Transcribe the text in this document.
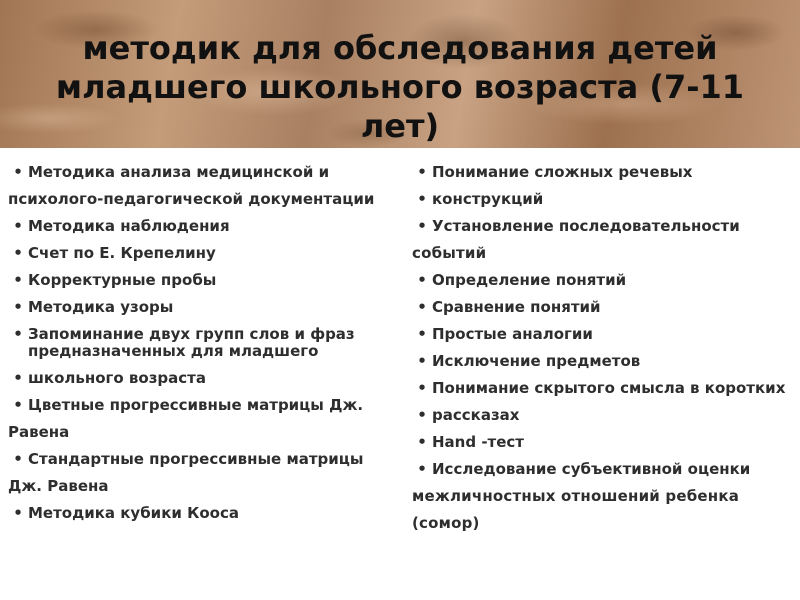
методик для обследования детей
младшего школьного возраста (7-11
лет)
• Методика анализа медицинской и
психолого-педагогической документации
• Методика наблюдения
• Счет по Е. Крепелину
• Корректурные пробы
• Методика узоры
• Запоминание двух групп слов и фраз предназначенных для младшего
• школьного возраста
• Цветные прогрессивные матрицы Дж.
Равена
• Стандартные прогрессивные матрицы
Дж. Равена
• Методика кубики Кооса
• Понимание сложных речевых
• конструкций
• Установление последовательности
событий
• Определение понятий
• Сравнение понятий
• Простые аналогии
• Исключение предметов
• Понимание скрытого смысла в коротких
• рассказах
• Hand -тест
• Исследование субъективной оценки
межличностных отношений ребенка
(сомор)
